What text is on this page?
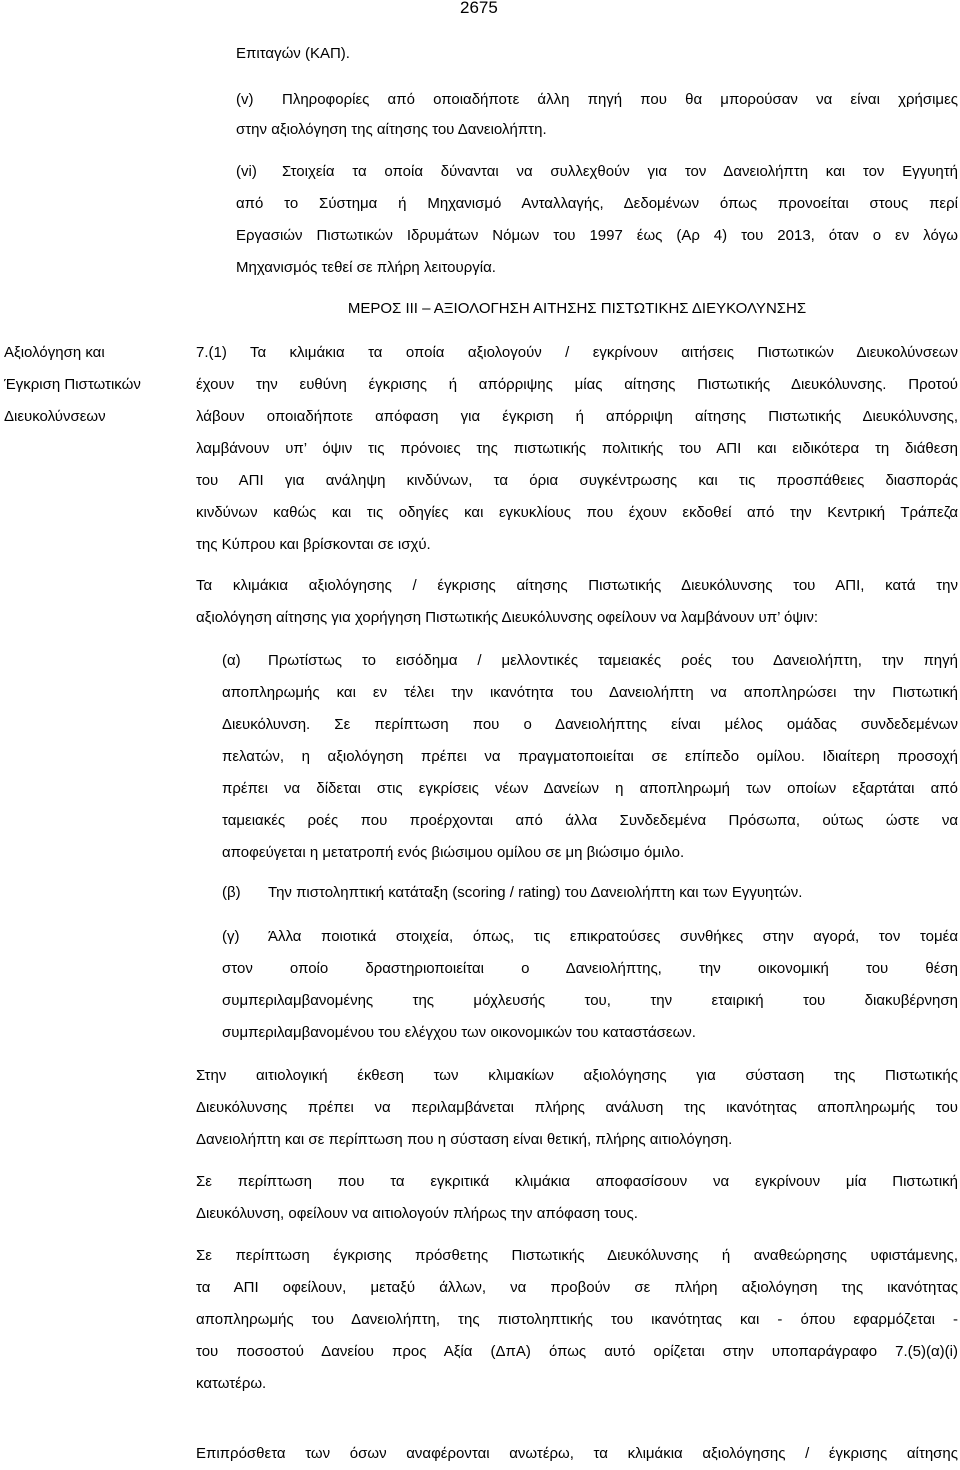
2675
Επιταγών (ΚΑΠ).
(v)	Πληροφορίες από οποιαδήποτε άλλη πηγή που θα μπορούσαν να είναι χρήσιμες
στην αξιολόγηση της αίτησης του Δανειολήπτη.
(vi)	Στοιχεία τα οποία δύνανται να συλλεχθούν για τον Δανειολήπτη και τον Εγγυητή
από το Σύστημα ή Μηχανισμό Ανταλλαγής, Δεδομένων όπως προνοείται στους περί
Εργασιών Πιστωτικών Ιδρυμάτων Νόμων του 1997 έως (Αρ 4) του 2013, όταν ο εν λόγω
Μηχανισμός τεθεί σε πλήρη λειτουργία.
ΜΕΡΟΣ ΙΙΙ – ΑΞΙΟΛΟΓΗΣΗ ΑΙΤΗΣΗΣ ΠΙΣΤΩΤΙΚΗΣ ΔΙΕΥΚΟΛΥΝΣΗΣ
Αξιολόγηση και
Έγκριση Πιστωτικών
Διευκολύνσεων
7.(1) Τα κλιμάκια τα οποία αξιολογούν / εγκρίνουν αιτήσεις Πιστωτικών Διευκολύνσεων
έχουν την ευθύνη έγκρισης ή απόρριψης μίας αίτησης Πιστωτικής Διευκόλυνσης. Προτού
λάβουν οποιαδήποτε απόφαση για έγκριση ή απόρριψη αίτησης Πιστωτικής Διευκόλυνσης,
λαμβάνουν υπ’ όψιν τις πρόνοιες της πιστωτικής πολιτικής του ΑΠΙ και ειδικότερα τη διάθεση
του ΑΠΙ για ανάληψη κινδύνων, τα όρια συγκέντρωσης και τις προσπάθειες διασποράς
κινδύνων καθώς και τις οδηγίες και εγκυκλίους που έχουν εκδοθεί από την Κεντρική Τράπεζα
της Κύπρου και βρίσκονται σε ισχύ.
Τα κλιμάκια αξιολόγησης / έγκρισης αίτησης Πιστωτικής Διευκόλυνσης του ΑΠΙ, κατά την
αξιολόγηση αίτησης για χορήγηση Πιστωτικής Διευκόλυνσης οφείλουν να λαμβάνουν υπ’ όψιν:
(α)	Πρωτίστως το εισόδημα / μελλοντικές ταμειακές ροές του Δανειολήπτη, την πηγή
αποπληρωμής και εν τέλει την ικανότητα του Δανειολήπτη να αποπληρώσει την Πιστωτική
Διευκόλυνση. Σε περίπτωση που ο Δανειολήπτης είναι μέλος ομάδας συνδεδεμένων
πελατών, η αξιολόγηση πρέπει να πραγματοποιείται σε επίπεδο ομίλου. Ιδιαίτερη προσοχή
πρέπει να δίδεται στις εγκρίσεις νέων Δανείων η αποπληρωμή των οποίων εξαρτάται από
ταμειακές ροές που προέρχονται από άλλα Συνδεδεμένα Πρόσωπα, ούτως ώστε να
αποφεύγεται η μετατροπή ενός βιώσιμου ομίλου σε μη βιώσιμο όμιλο.
(β) Την πιστοληπτική κατάταξη (scoring / rating) του Δανειολήπτη και των Εγγυητών.
(γ)	Άλλα ποιοτικά στοιχεία, όπως, τις επικρατούσες συνθήκες στην αγορά, τον τομέα
στον οποίο δραστηριοποιείται ο Δανειολήπτης, την οικονομική του θέση
συμπεριλαμβανομένης της μόχλευσής του, την εταιρική του διακυβέρνηση
συμπεριλαμβανομένου του ελέγχου των οικονομικών του καταστάσεων.
Στην αιτιολογική έκθεση των κλιμακίων αξιολόγησης για σύσταση της Πιστωτικής
Διευκόλυνσης πρέπει να περιλαμβάνεται πλήρης ανάλυση της ικανότητας αποπληρωμής του
Δανειολήπτη και σε περίπτωση που η σύσταση είναι θετική, πλήρης αιτιολόγηση.
Σε περίπτωση που τα εγκριτικά κλιμάκια αποφασίσουν να εγκρίνουν μία Πιστωτική
Διευκόλυνση, οφείλουν να αιτιολογούν πλήρως την απόφαση τους.
Σε περίπτωση έγκρισης πρόσθετης Πιστωτικής Διευκόλυνσης ή αναθεώρησης υφιστάμενης,
τα ΑΠΙ οφείλουν, μεταξύ άλλων, να προβούν σε πλήρη αξιολόγηση της ικανότητας
αποπληρωμής του Δανειολήπτη, της πιστοληπτικής του ικανότητας και - όπου εφαρμόζεται -
του ποσοστού Δανείου προς Αξία (ΔπΑ) όπως αυτό ορίζεται στην υποπαράγραφο 7.(5)(α)(i)
κατωτέρω.
Επιπρόσθετα των όσων αναφέρονται ανωτέρω, τα κλιμάκια αξιολόγησης / έγκρισης αίτησης
